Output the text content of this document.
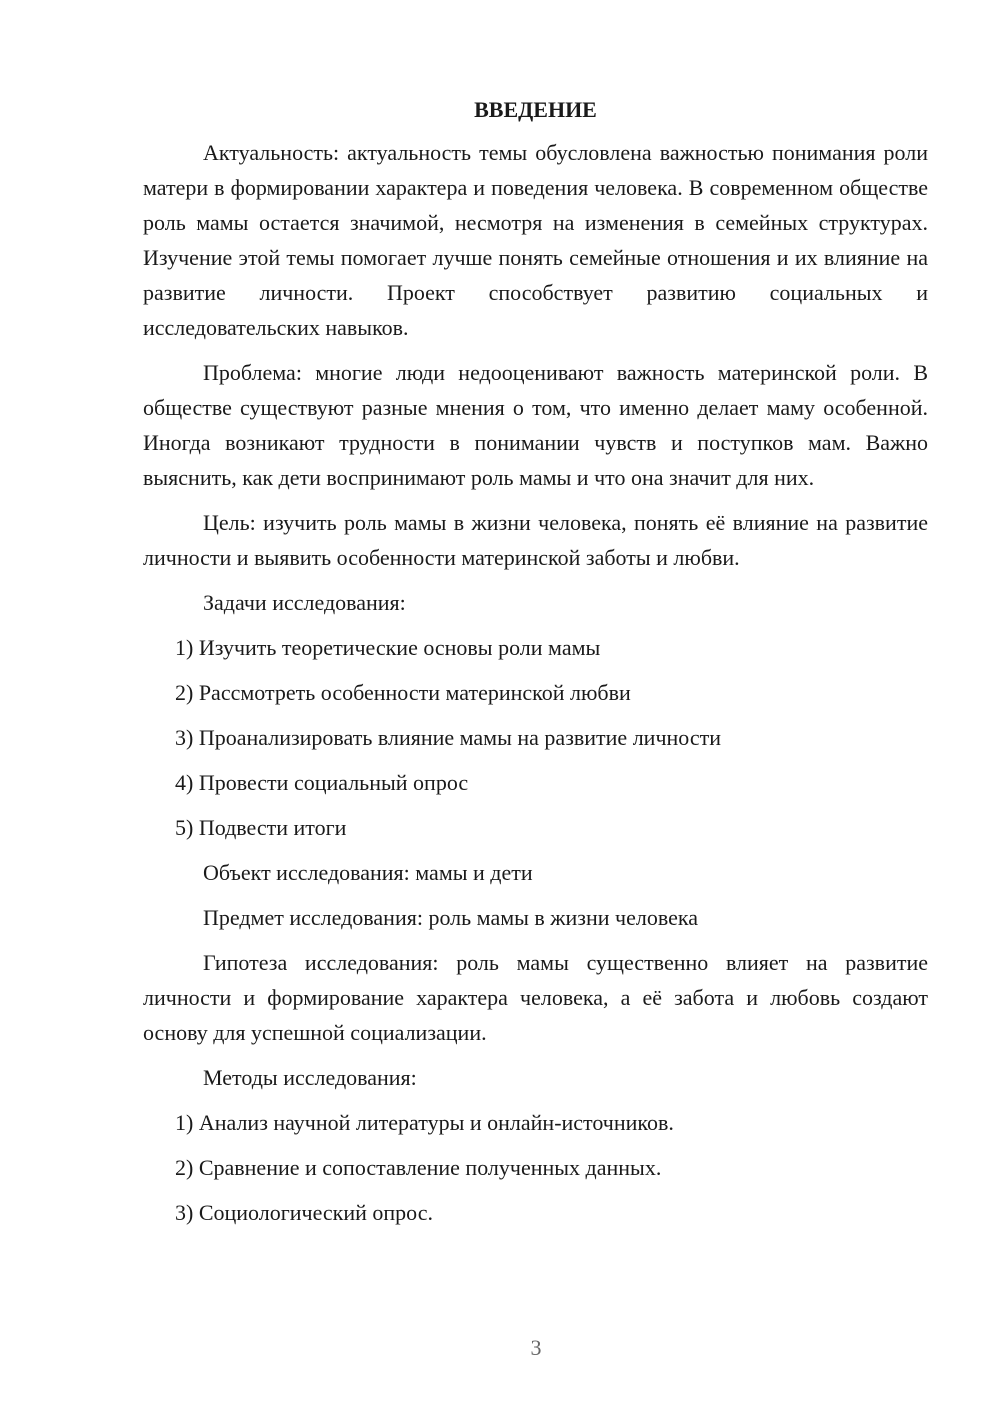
ВВЕДЕНИЕ

Актуальность: актуальность темы обусловлена важностью понимания роли матери в формировании характера и поведения человека. В современном обществе роль мамы остается значимой, несмотря на изменения в семейных структурах. Изучение этой темы помогает лучше понять семейные отношения и их влияние на развитие личности. Проект способствует развитию социальных и исследовательских навыков.

Проблема: многие люди недооценивают важность материнской роли. В обществе существуют разные мнения о том, что именно делает маму особенной. Иногда возникают трудности в понимании чувств и поступков мам. Важно выяснить, как дети воспринимают роль мамы и что она значит для них.

Цель: изучить роль мамы в жизни человека, понять её влияние на развитие личности и выявить особенности материнской заботы и любви.

Задачи исследования:
1) Изучить теоретические основы роли мамы
2) Рассмотреть особенности материнской любви
3) Проанализировать влияние мамы на развитие личности
4) Провести социальный опрос
5) Подвести итоги
Объект исследования: мамы и дети
Предмет исследования: роль мамы в жизни человека

Гипотеза исследования: роль мамы существенно влияет на развитие личности и формирование характера человека, а её забота и любовь создают основу для успешной социализации.

Методы исследования:
1) Анализ научной литературы и онлайн-источников.
2) Сравнение и сопоставление полученных данных.
3) Социологический опрос.
3
